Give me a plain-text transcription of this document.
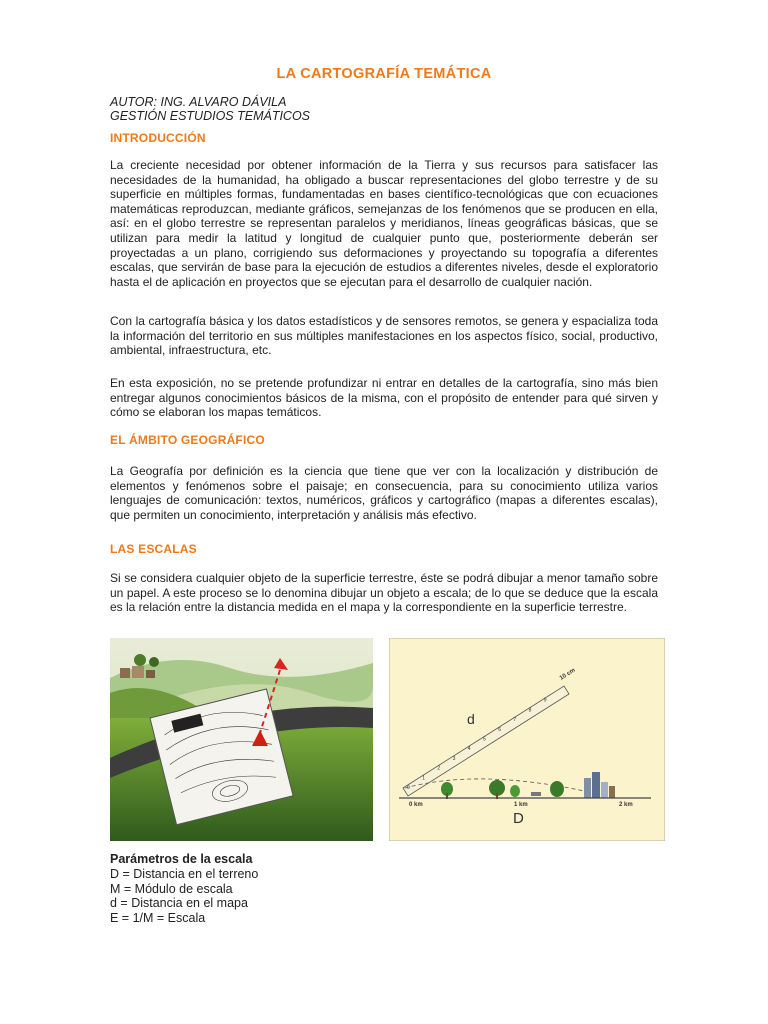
LA CARTOGRAFÍA TEMÁTICA
AUTOR: ING. ALVARO DÁVILA
GESTIÓN ESTUDIOS TEMÁTICOS
INTRODUCCIÓN
La creciente necesidad por obtener información de la Tierra y sus recursos para satisfacer las necesidades de la humanidad, ha obligado a buscar representaciones del globo terrestre y de su superficie en múltiples formas, fundamentadas en bases científico-tecnológicas que con ecuaciones matemáticas reproduzcan, mediante gráficos, semejanzas de los fenómenos que se producen en ella, así: en el globo terrestre se representan paralelos y meridianos, líneas geográficas básicas, que se utilizan para medir la latitud y longitud de cualquier punto que, posteriormente deberán ser proyectadas a un plano, corrigiendo sus deformaciones y proyectando su topografía a diferentes escalas, que servirán de base para la ejecución de estudios a diferentes niveles, desde el exploratorio hasta el de aplicación en proyectos que se ejecutan para el desarrollo de cualquier nación.
Con la cartografía básica y los datos estadísticos y de sensores remotos, se genera y espacializa toda la información del territorio en sus múltiples manifestaciones en los aspectos físico, social, productivo, ambiental, infraestructura, etc.
En esta exposición, no se pretende profundizar ni entrar en detalles de la cartografía, sino más bien entregar algunos conocimientos básicos de la misma, con el propósito de entender para qué sirven y cómo se elaboran los mapas temáticos.
EL ÁMBITO GEOGRÁFICO
La Geografía por definición es la ciencia que tiene que ver con la localización y distribución de elementos y fenómenos sobre el paisaje; en consecuencia, para su conocimiento utiliza varios lenguajes de comunicación: textos, numéricos, gráficos y cartográfico (mapas a diferentes escalas), que permiten un conocimiento, interpretación y análisis más efectivo.
LAS ESCALAS
Si se considera cualquier objeto de la superficie terrestre, éste se podrá dibujar a menor tamaño sobre un papel. A este proceso se lo denomina dibujar un objeto a escala; de lo que se deduce que la escala es la relación entre la distancia medida en el mapa y la correspondiente en la superficie terrestre.
0
1
2
3
4
5
6
7
8
9
10 cm
d
0 km	1 km	2 km
D
Parámetros de la escala
D = Distancia en el terreno
M = Módulo de escala
d = Distancia en el mapa
E = 1/M = Escala
